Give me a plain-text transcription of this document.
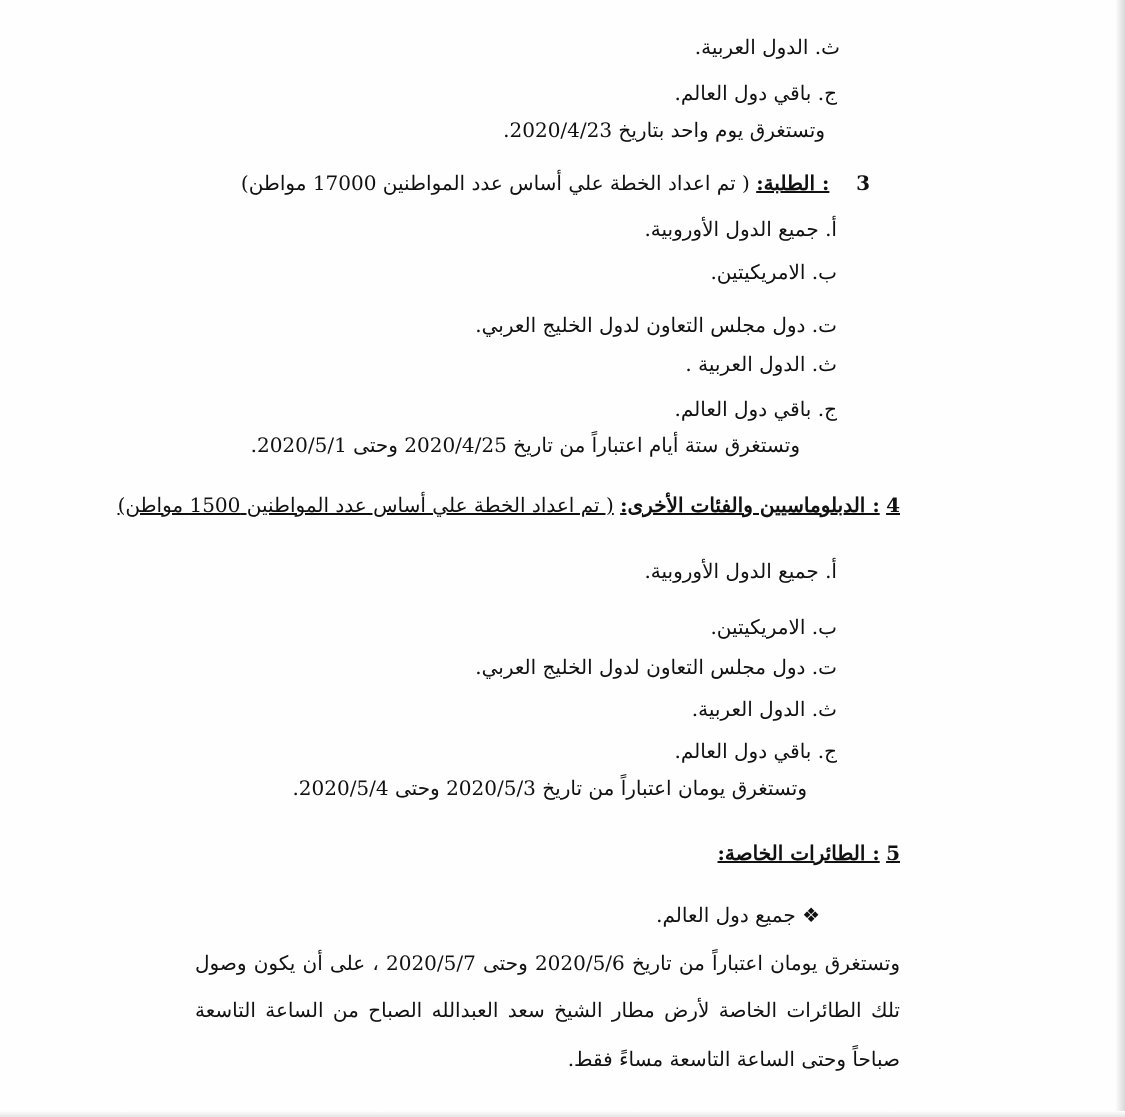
ث. الدول العربية.
ج. باقي دول العالم.
وتستغرق يوم واحد بتاريخ 2020/4/23.
3  : الطلبة: ( تم اعداد الخطة علي أساس عدد المواطنين 17000 مواطن)
أ. جميع الدول الأوروبية.
ب. الامريكيتين.
ت. دول مجلس التعاون لدول الخليج العربي.
ث. الدول العربية .
ج. باقي دول العالم.
وتستغرق ستة أيام اعتباراً من تاريخ 2020/4/25 وحتى 2020/5/1.
4 : الدبلوماسيين والفئات الأخرى: ( تم اعداد الخطة علي أساس عدد المواطنين 1500 مواطن)
أ. جميع الدول الأوروبية.
ب. الامريكيتين.
ت. دول مجلس التعاون لدول الخليج العربي.
ث. الدول العربية.
ج. باقي دول العالم.
وتستغرق يومان اعتباراً من تاريخ 2020/5/3 وحتى 2020/5/4.
5 : الطائرات الخاصة:
❖ جميع دول العالم.
وتستغرق يومان اعتباراً من تاريخ 2020/5/6 وحتى 2020/5/7 ، على أن يكون وصول
تلك الطائرات الخاصة لأرض مطار الشيخ سعد العبدالله الصباح من الساعة التاسعة
صباحاً وحتى الساعة التاسعة مساءً فقط.
